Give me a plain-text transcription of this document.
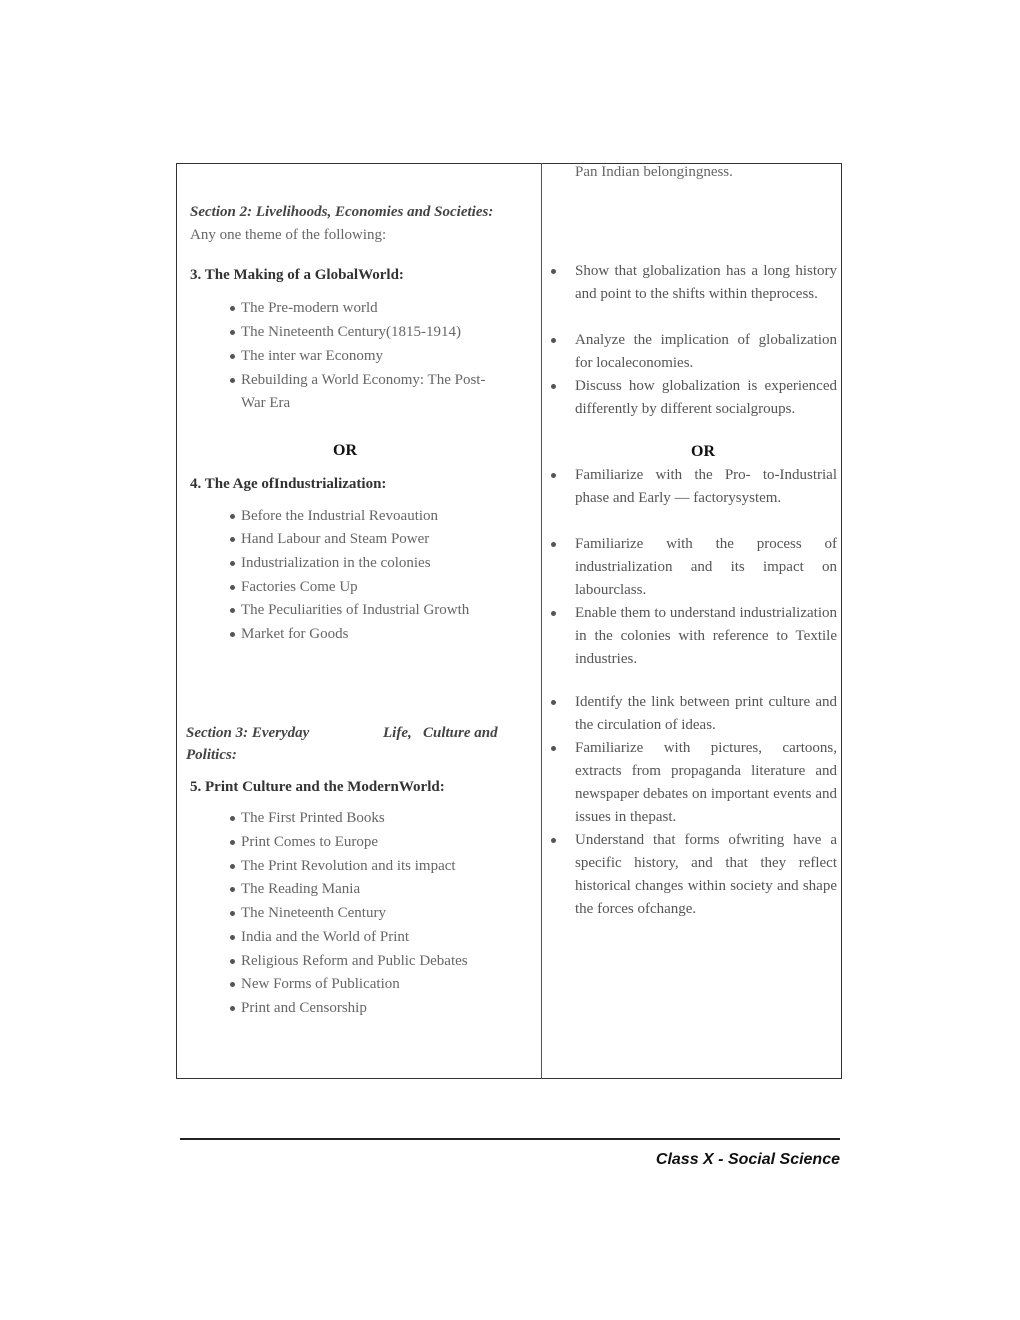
Pan Indian belongingness.
Section 2: Livelihoods, Economies and Societies:
Any one theme of the following:
3. The Making of a GlobalWorld:
The Pre-modern world
The Nineteenth Century(1815-1914)
The inter war Economy
Rebuilding a World Economy: The Post-
War Era
OR	OR
Show that globalization has a long history and point to the shifts within theprocess.
Analyze the implication of globalization for localeconomies.
Discuss how globalization is experienced differently by different socialgroups.
4. The Age ofIndustrialization:
Before the Industrial Revoaution
Hand Labour and Steam Power
Industrialization in the colonies
Factories Come Up
The Peculiarities of Industrial Growth
Market for Goods
Familiarize with the Pro- to-Industrial phase and Early — factorysystem.
Familiarize with the process of industrialization and its impact on labourclass.
Enable them to understand industrialization in the colonies with reference to Textile industries.
Section 3: Everyday	Life,   Culture and
Politics:
5. Print Culture and the ModernWorld:
The First Printed Books
Print Comes to Europe
The Print Revolution and its impact
The Reading Mania
The Nineteenth Century
India and the World of Print
Religious Reform and Public Debates
New Forms of Publication
Print and Censorship
Identify the link between print culture and the circulation of ideas.
Familiarize with pictures, cartoons, extracts from propaganda literature and newspaper debates on important events and issues in thepast.
Understand that forms ofwriting have a specific history, and that they reflect historical changes within society and shape the forces ofchange.
Class X - Social Science
